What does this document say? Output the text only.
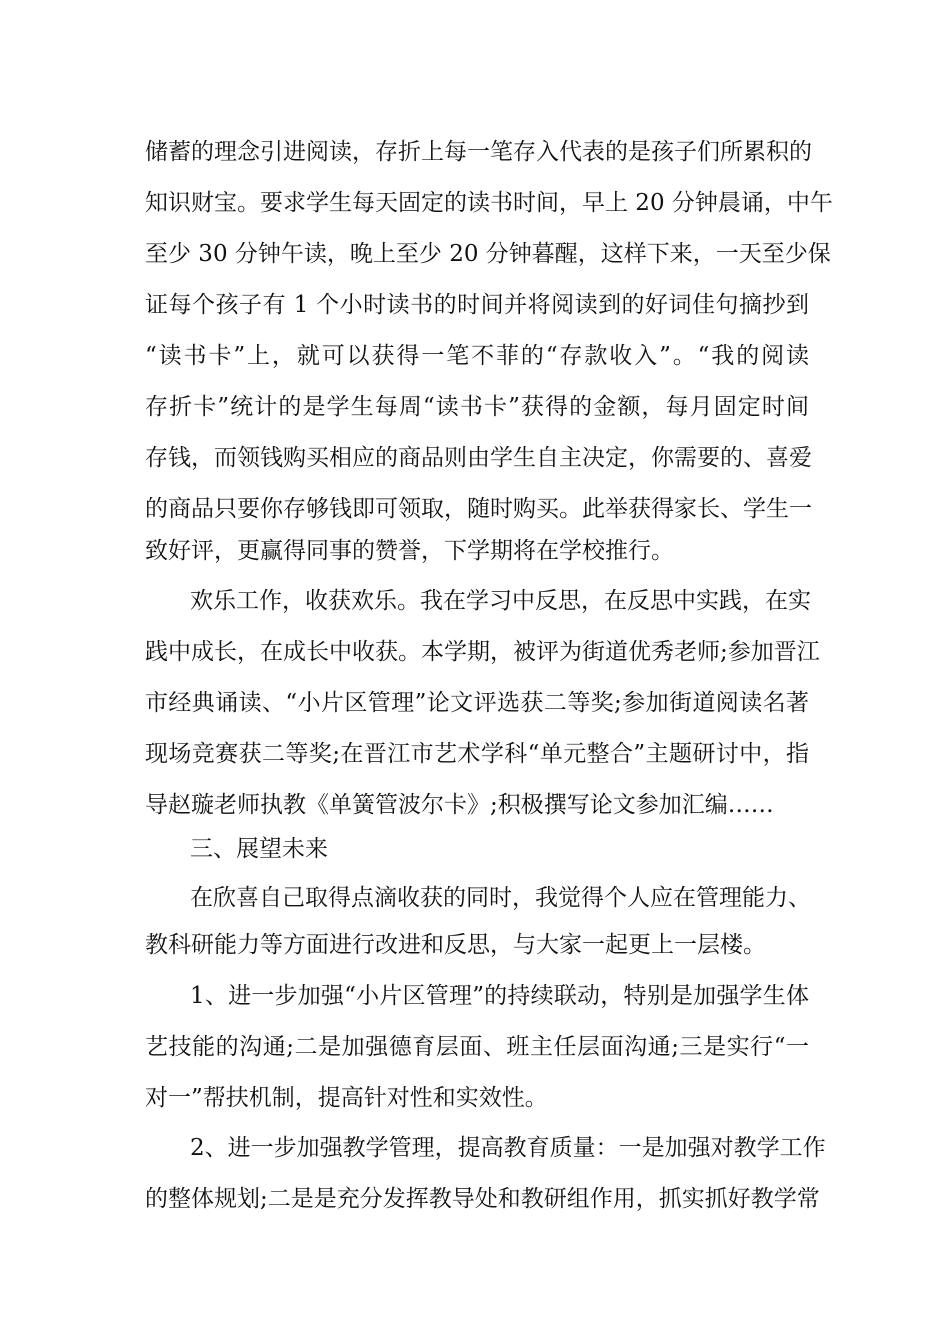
储蓄的理念引进阅读，存折上每一笔存入代表的是孩子们所累积的
知识财宝。要求学生每天固定的读书时间，早上 20 分钟晨诵，中午
至少 30 分钟午读，晚上至少 20 分钟暮醒，这样下来，一天至少保
证每个孩子有 1 个小时读书的时间并将阅读到的好词佳句摘抄到
“读书卡”上，就可以获得一笔不菲的“存款收入”。“我的阅读
存折卡”统计的是学生每周“读书卡”获得的金额，每月固定时间
存钱，而领钱购买相应的商品则由学生自主决定，你需要的、喜爱
的商品只要你存够钱即可领取，随时购买。此举获得家长、学生一
致好评，更赢得同事的赞誉，下学期将在学校推行。
欢乐工作，收获欢乐。我在学习中反思，在反思中实践，在实
践中成长，在成长中收获。本学期，被评为街道优秀老师;参加晋江
市经典诵读、“小片区管理”论文评选获二等奖;参加街道阅读名著
现场竞赛获二等奖;在晋江市艺术学科“单元整合”主题研讨中，指
导赵璇老师执教《单簧管波尔卡》;积极撰写论文参加汇编……
三、展望未来
在欣喜自己取得点滴收获的同时，我觉得个人应在管理能力、
教科研能力等方面进行改进和反思，与大家一起更上一层楼。
1、进一步加强“小片区管理”的持续联动，特别是加强学生体
艺技能的沟通;二是加强德育层面、班主任层面沟通;三是实行“一
对一”帮扶机制，提高针对性和实效性。
2、进一步加强教学管理，提高教育质量：一是加强对教学工作
的整体规划;二是是充分发挥教导处和教研组作用，抓实抓好教学常
